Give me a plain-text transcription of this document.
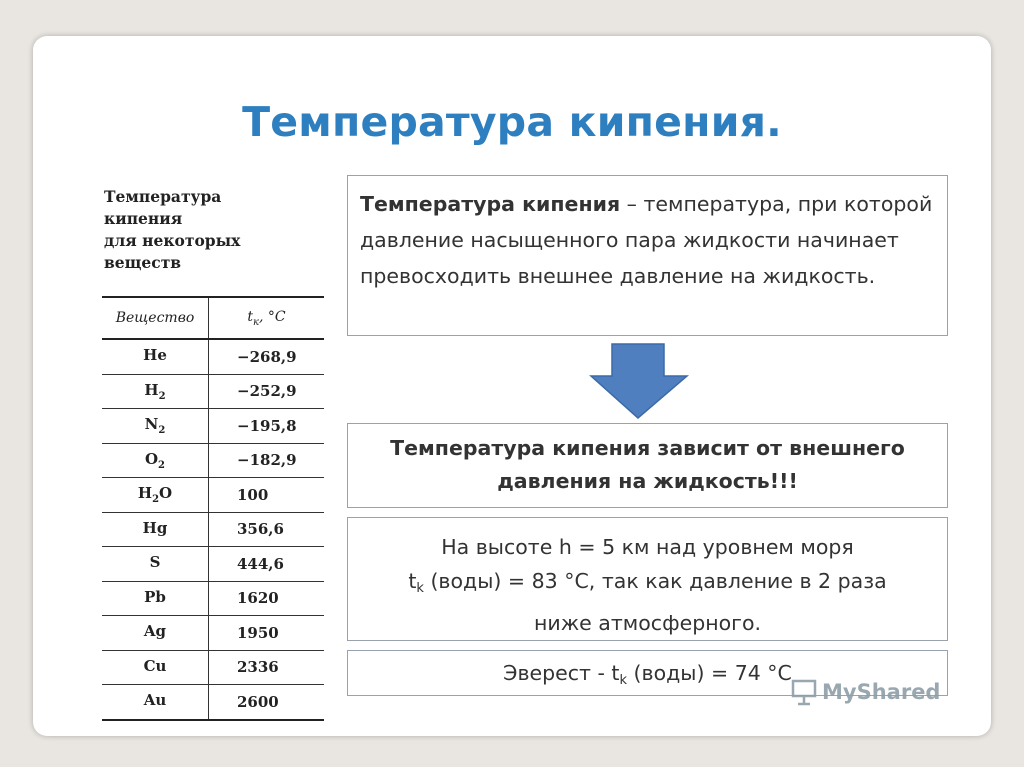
Температура кипения.
Температура
кипения
для некоторых
веществ
Вещество	$t_к$, °C
He	−268,9
$H_2$	−252,9
$N_2$	−195,8
$O_2$	−182,9
$H_2O$	100
Hg	356,6
S	444,6
Pb	1620
Ag	1950
Cu	2336
Au	2600
Температура кипения – температура, при которой давление насыщенного пара жидкости начинает превосходить внешнее давление на жидкость.
Температура кипения зависит от внешнего
давления на жидкость!!!
На высоте h = 5 км над уровнем моря
$t_k$ (воды) = 83 °С, так как давление в 2 раза
ниже атмосферного.
Эверест - $t_k$ (воды) = 74 °С
MyShared
